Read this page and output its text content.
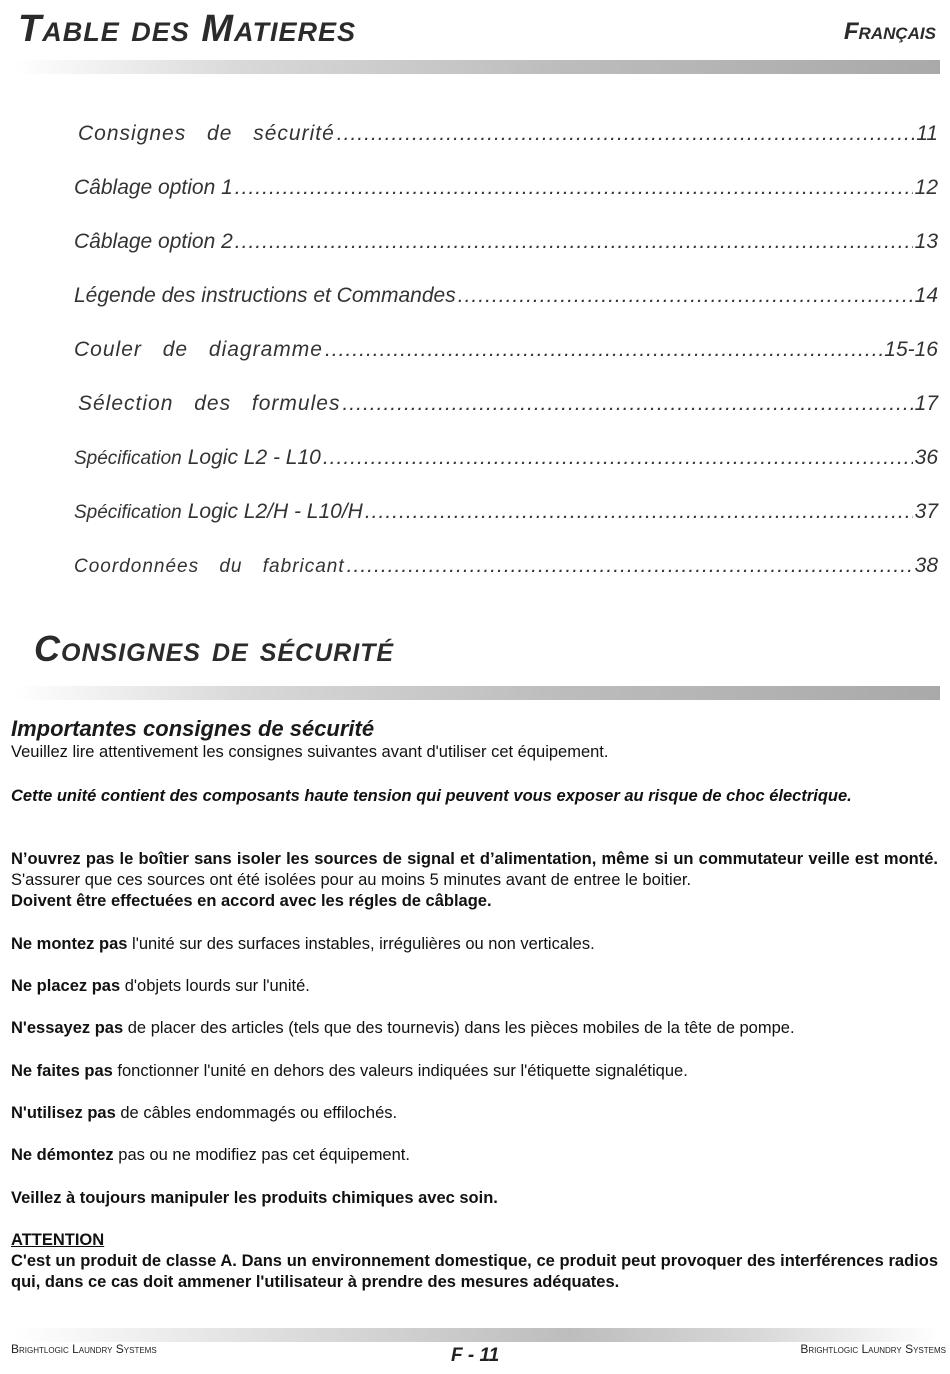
Table des Matieres	Français
Consignes de sécurité .....	11
Câblage option 1 .....	12
Câblage option 2 .....	13
Légende des instructions et Commandes .....	14
Couler de diagramme .....	15-16
Sélection des formules .....	17
Spécification Logic L2 - L10 .....	36
Spécification Logic L2/H - L10/H .....	37
Coordonnées du fabricant .....	38
Consignes de sécurité
Importantes consignes de sécurité
Veuillez lire attentivement les consignes suivantes avant d'utiliser cet équipement.
Cette unité contient des composants haute tension qui peuvent vous exposer au risque de choc électrique.
N’ouvrez pas le boîtier sans isoler les sources de signal et d’alimentation, même si un commutateur veille est monté. S'assurer que ces sources ont été isolées pour au moins 5 minutes avant de entree le boitier.
Doivent être effectuées en accord avec les régles de câblage.
Ne montez pas l'unité sur des surfaces instables, irrégulières ou non verticales.
Ne placez pas d'objets lourds sur l'unité.
N'essayez pas de placer des articles (tels que des tournevis) dans les pièces mobiles de la tête de pompe.
Ne faites pas fonctionner l'unité en dehors des valeurs indiquées sur l'étiquette signalétique.
N'utilisez pas de câbles endommagés ou effilochés.
Ne démontez pas ou ne modifiez pas cet équipement.
Veillez à toujours manipuler les produits chimiques avec soin.
ATTENTION
C'est un produit de classe A. Dans un environnement domestique, ce produit peut provoquer des interférences radios qui, dans ce cas doit ammener l'utilisateur à prendre des mesures adéquates.
Brightlogic Laundry Systems	F - 11	Brightlogic Laundry Systems
